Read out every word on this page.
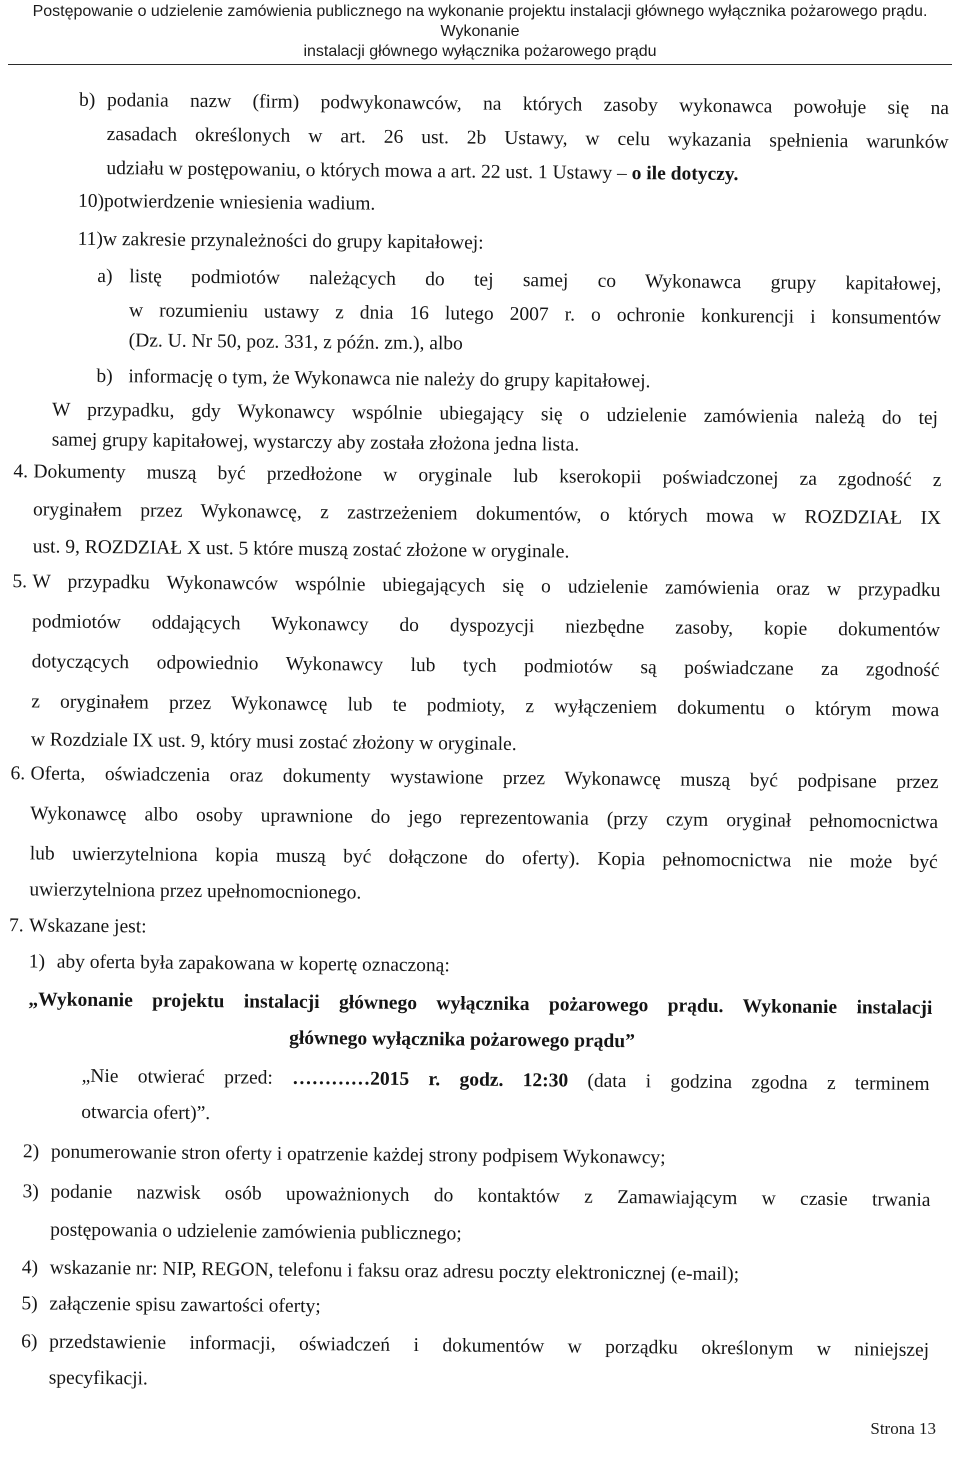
Postępowanie o udzielenie zamówienia publicznego na wykonanie projektu instalacji głównego wyłącznika pożarowego prądu. Wykonanie
instalacji głównego wyłącznika pożarowego prądu
b) podania nazw (firm) podwykonawców, na których zasoby wykonawca powołuje się na
zasadach określonych w art. 26 ust. 2b Ustawy, w celu wykazania spełnienia warunków
udziału w postępowaniu, o których mowa a art. 22 ust. 1 Ustawy – o ile dotyczy.
10)potwierdzenie wniesienia wadium.
11)w zakresie przynależności do grupy kapitałowej:
a) listę podmiotów należących do tej samej co Wykonawca grupy kapitałowej,
w rozumieniu ustawy z dnia 16 lutego 2007 r. o ochronie konkurencji i konsumentów
(Dz. U. Nr 50, poz. 331, z późn. zm.), albo
b) informację o tym, że Wykonawca nie należy do grupy kapitałowej.
W przypadku, gdy Wykonawcy wspólnie ubiegający się o udzielenie zamówienia należą do tej
samej grupy kapitałowej, wystarczy aby została złożona jedna lista.
4. Dokumenty muszą być przedłożone w oryginale lub kserokopii poświadczonej za zgodność z
oryginałem przez Wykonawcę, z zastrzeżeniem dokumentów, o których mowa w ROZDZIAŁ IX
ust. 9, ROZDZIAŁ X ust. 5 które muszą zostać złożone w oryginale.
5. W przypadku Wykonawców wspólnie ubiegających się o udzielenie zamówienia oraz w przypadku
podmiotów oddających Wykonawcy do dyspozycji niezbędne zasoby, kopie dokumentów
dotyczących odpowiednio Wykonawcy lub tych podmiotów są poświadczane za zgodność
z oryginałem przez Wykonawcę lub te podmioty, z wyłączeniem dokumentu o którym mowa
w Rozdziale IX ust. 9, który musi zostać złożony w oryginale.
6. Oferta, oświadczenia oraz dokumenty wystawione przez Wykonawcę muszą być podpisane przez
Wykonawcę albo osoby uprawnione do jego reprezentowania (przy czym oryginał pełnomocnictwa
lub uwierzytelniona kopia muszą być dołączone do oferty). Kopia pełnomocnictwa nie może być
uwierzytelniona przez upełnomocnionego.
7. Wskazane jest:
1) aby oferta była zapakowana w kopertę oznaczoną:
„Wykonanie projektu instalacji głównego wyłącznika pożarowego prądu. Wykonanie instalacji
głównego wyłącznika pożarowego prądu”
„Nie otwierać przed: …………2015 r. godz. 12:30 (data i godzina zgodna z terminem
otwarcia ofert)”.
2) ponumerowanie stron oferty i opatrzenie każdej strony podpisem Wykonawcy;
3) podanie nazwisk osób upoważnionych do kontaktów z Zamawiającym w czasie trwania
postępowania o udzielenie zamówienia publicznego;
4) wskazanie nr: NIP, REGON, telefonu i faksu oraz adresu poczty elektronicznej (e-mail);
5) załączenie spisu zawartości oferty;
6) przedstawienie informacji, oświadczeń i dokumentów w porządku określonym w niniejszej
specyfikacji.
Strona 13
